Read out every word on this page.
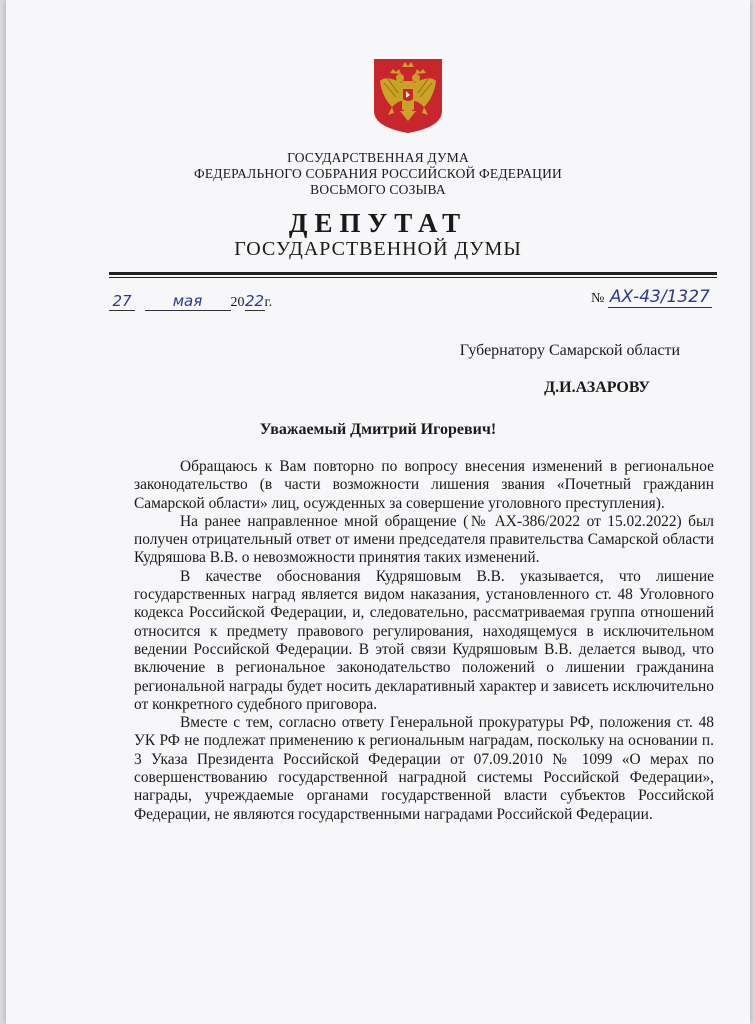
ГОСУДАРСТВЕННАЯ ДУМА
ФЕДЕРАЛЬНОГО СОБРАНИЯ РОССИЙСКОЙ ФЕДЕРАЦИИ
ВОСЬМОГО СОЗЫВА
ДЕПУТАТ
ГОСУДАРСТВЕННОЙ ДУМЫ
27	мая 2022г.	№ АХ-43/1327
Губернатору Самарской области
Д.И.АЗАРОВУ
Уважаемый Дмитрий Игоревич!

Обращаюсь к Вам повторно по вопросу внесения изменений в региональное законодательство (в части возможности лишения звания «Почетный гражданин Самарской области» лиц, осужденных за совершение уголовного преступления).

На ранее направленное мной обращение (№ АХ-386/2022 от 15.02.2022) был получен отрицательный ответ от имени председателя правительства Самарской области Кудряшова В.В. о невозможности принятия таких изменений.

В качестве обоснования Кудряшовым В.В. указывается, что лишение государственных наград является видом наказания, установленного ст. 48 Уголовного кодекса Российской Федерации, и, следовательно, рассматриваемая группа отношений относится к предмету правового регулирования, находящемуся в исключительном ведении Российской Федерации. В этой связи Кудряшовым В.В. делается вывод, что включение в региональное законодательство положений о лишении гражданина региональной награды будет носить декларативный характер и зависеть исключительно от конкретного судебного приговора.

Вместе с тем, согласно ответу Генеральной прокуратуры РФ, положения ст. 48 УК РФ не подлежат применению к региональным наградам, поскольку на основании п. 3 Указа Президента Российской Федерации от 07.09.2010 № 1099 «О мерах по совершенствованию государственной наградной системы Российской Федерации», награды, учреждаемые органами государственной власти субъектов Российской Федерации, не являются государственными наградами Российской Федерации.
